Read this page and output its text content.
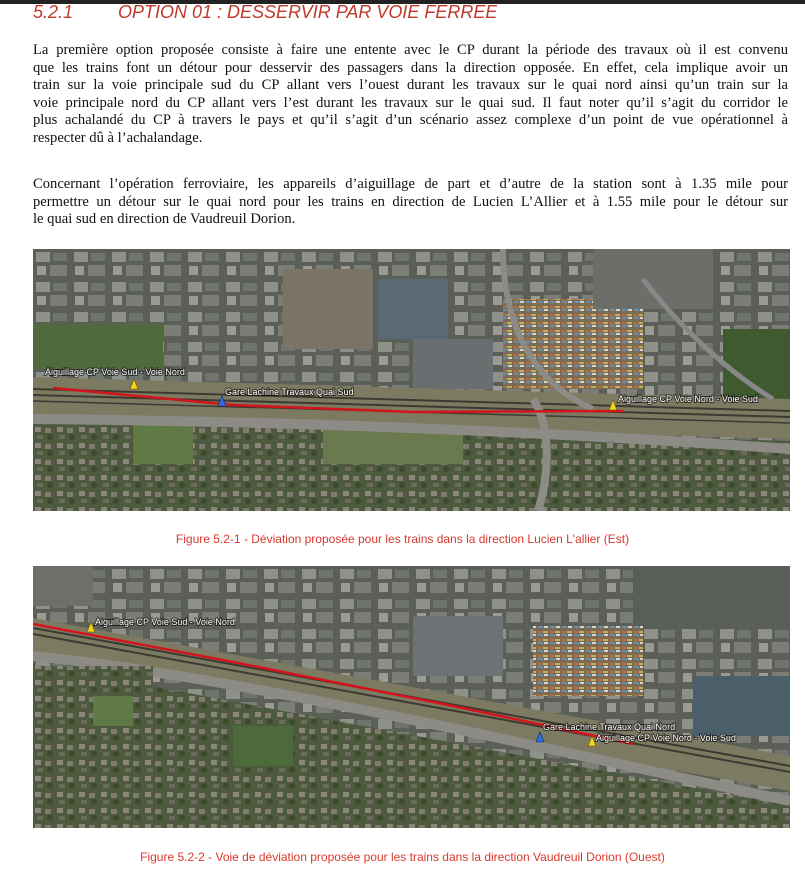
5.2.1 OPTION 01 : DESSERVIR PAR VOIE FERREE

La première option proposée consiste à faire une entente avec le CP durant la période des travaux où il est convenu
que les trains font un détour pour desservir des passagers dans la direction opposée. En effet, cela implique avoir un
train sur la voie principale sud du CP allant vers l’ouest durant les travaux sur le quai nord ainsi qu’un train sur la
voie principale nord du CP allant vers l’est durant les travaux sur le quai sud. Il faut noter qu’il s’agit du corridor le
plus achalandé du CP à travers le pays et qu’il s’agit d’un scénario assez complexe d’un point de vue opérationnel à
respecter dû à l’achalandage.

Concernant l’opération ferroviaire, les appareils d’aiguillage de part et d’autre de la station sont à 1.35 mile pour
permettre un détour sur le quai nord pour les trains en direction de Lucien L’Allier et à 1.55 mile pour le détour sur
le quai sud en direction de Vaudreuil Dorion.

Aiguillage CP Voie Sud - Voie Nord
Gare Lachine Travaux Quai Sud
Aiguillage CP Voie Nord - Voie Sud
Figure 5.2-1 - Déviation proposée pour les trains dans la direction Lucien L'allier (Est)
Aiguillage CP Voie Sud - Voie Nord
Gare Lachine Travaux Quai Nord
Aiguillage CP Voie Nord - Voie Sud
Figure 5.2-2 - Voie de déviation proposée pour les trains dans la direction Vaudreuil Dorion (Ouest)
